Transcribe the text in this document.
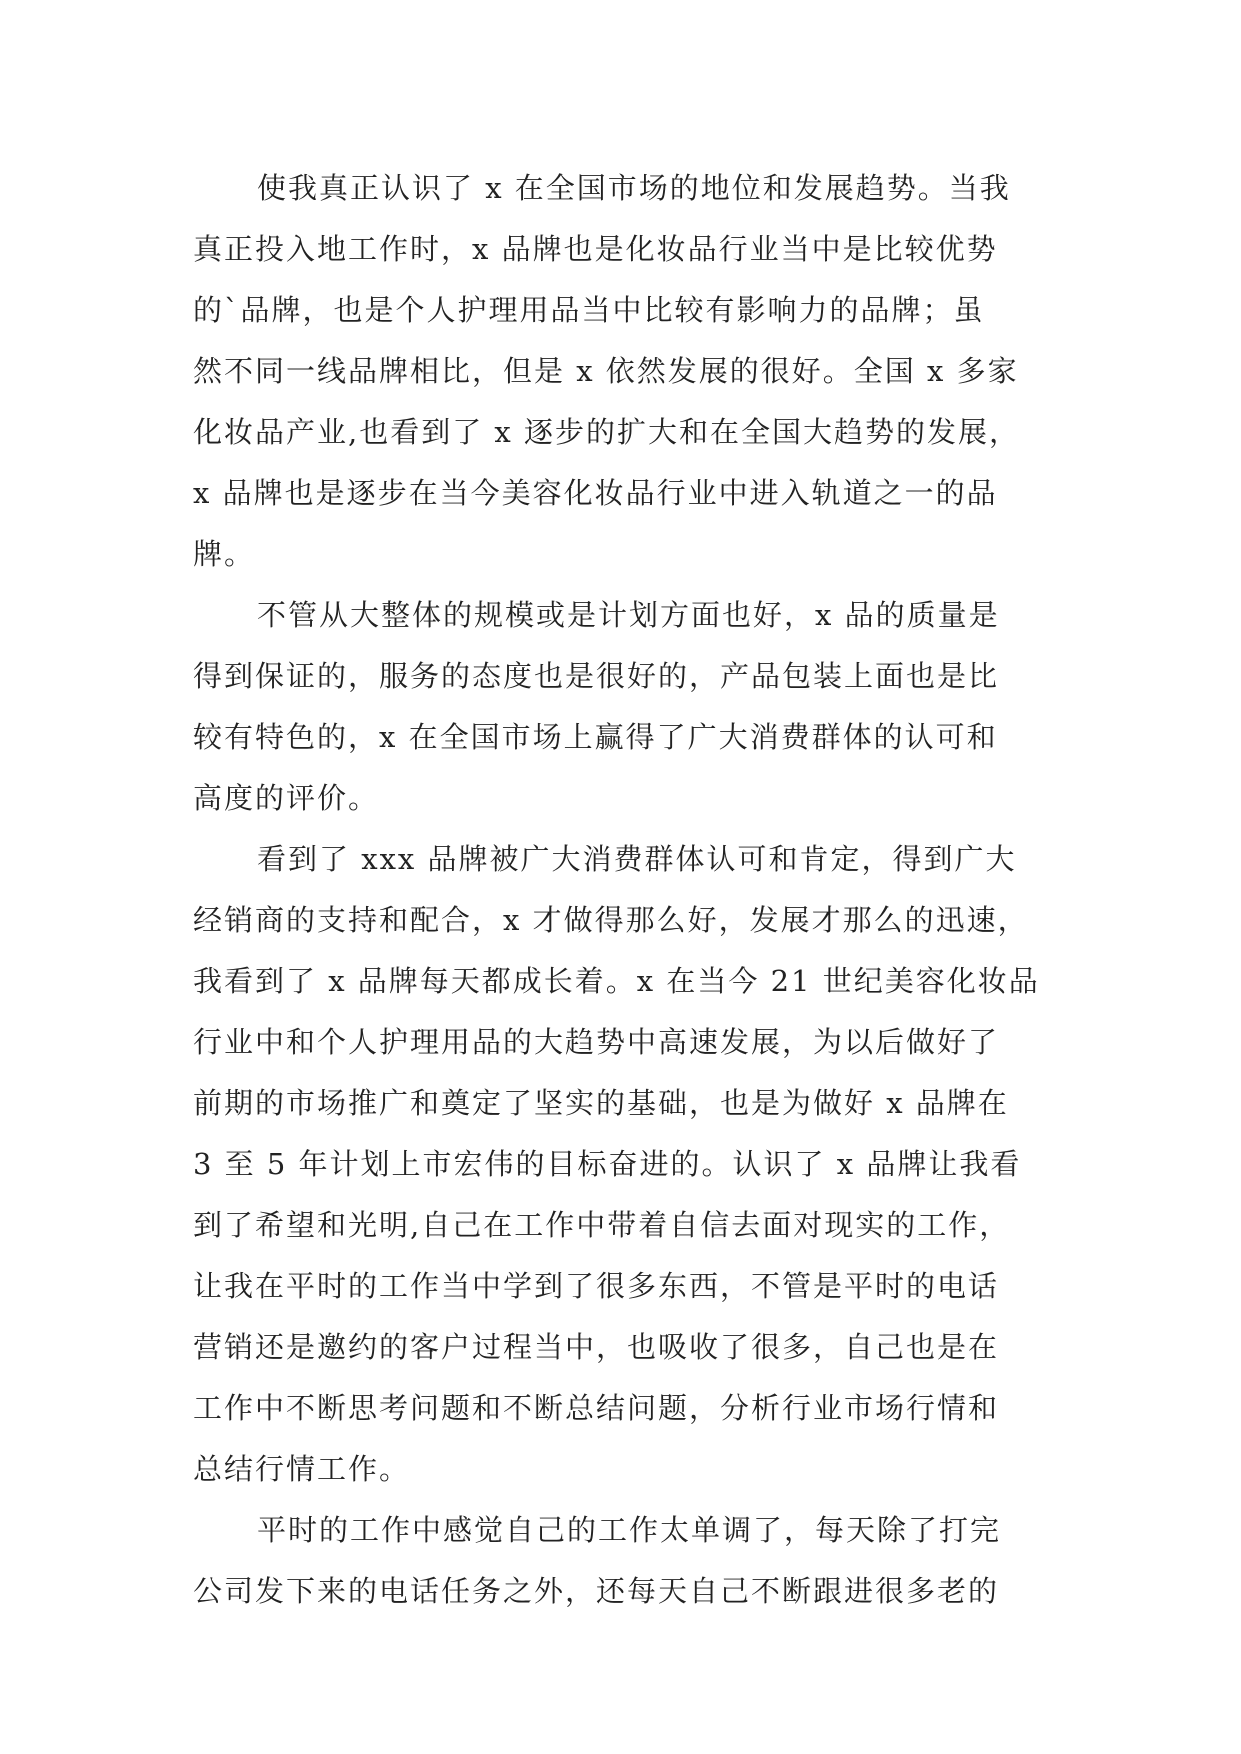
使我真正认识了 x 在全国市场的地位和发展趋势。当我
真正投入地工作时，x 品牌也是化妆品行业当中是比较优势
的`品牌，也是个人护理用品当中比较有影响力的品牌；虽
然不同一线品牌相比，但是 x 依然发展的很好。全国 x 多家
化妆品产业,也看到了 x 逐步的扩大和在全国大趋势的发展，
x 品牌也是逐步在当今美容化妆品行业中进入轨道之一的品
牌。

不管从大整体的规模或是计划方面也好，x 品的质量是
得到保证的，服务的态度也是很好的，产品包装上面也是比
较有特色的，x 在全国市场上赢得了广大消费群体的认可和
高度的评价。

看到了 xxx 品牌被广大消费群体认可和肯定，得到广大
经销商的支持和配合，x 才做得那么好，发展才那么的迅速，
我看到了 x 品牌每天都成长着。x 在当今 21 世纪美容化妆品
行业中和个人护理用品的大趋势中高速发展，为以后做好了
前期的市场推广和奠定了坚实的基础，也是为做好 x 品牌在
3 至 5 年计划上市宏伟的目标奋进的。认识了 x 品牌让我看
到了希望和光明,自己在工作中带着自信去面对现实的工作，
让我在平时的工作当中学到了很多东西，不管是平时的电话
营销还是邀约的客户过程当中，也吸收了很多，自己也是在
工作中不断思考问题和不断总结问题，分析行业市场行情和
总结行情工作。

平时的工作中感觉自己的工作太单调了，每天除了打完
公司发下来的电话任务之外，还每天自己不断跟进很多老的
